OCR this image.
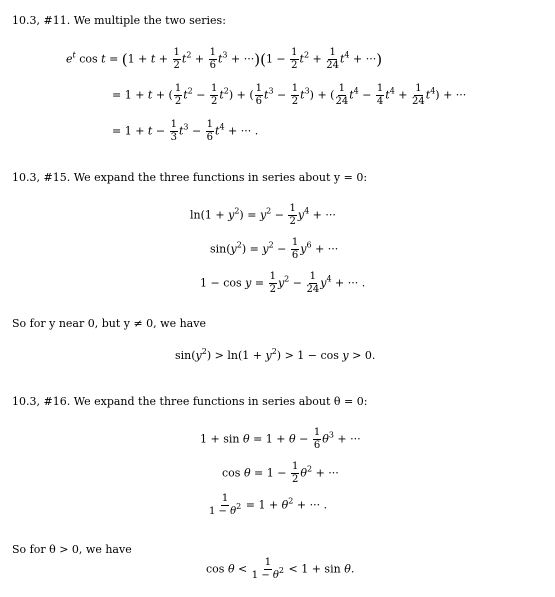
10.3, #11. We multiple the two series:
$e^t$ $\cos t = (1 + t + \frac{1}{2} t^2 + \frac{1}{6} t^3 + \cdot\cdot\cdot)(1 - \frac{1}{2} t^2 + \frac{1}{24} t^4$ + ···)
= 1 + t + ( $\frac{1}{2} t^2 - \frac{1}{2} t^2$) + ( $\frac{1}{6} t^3 - \frac{1}{2} t^3$) + ( $\frac{1}{24} t^4 - \frac{1}{4} t^4 + \frac{1}{24} t^4$) + ···
= $1 + t - \frac{1}{3} t^3 - \frac{1}{6} t^4$ + ··· .
10.3, #15. We expand the three functions in series about y = 0:
$\ln(1 + y^2) = y^2 - \frac{1}{2} y^4$ + ···
$\sin(y^2) = y^2 - \frac{1}{6} y^6$ + ···
$1 - \cos y = \frac{1}{2} y^2 - \frac{1}{24} y^4$ + ··· .
So for y near 0, but y ≠ 0, we have
$\sin(y^2) > \ln(1 + y^2) > 1 - \cos y > 0$.
10.3, #16. We expand the three functions in series about θ = 0:
$1 + \sin \theta = 1 + \theta - \frac{1}{6} \theta^3$ + ···
$\cos \theta = 1 - \frac{1}{2} \theta^2$ + ···
$\frac{1}{1 - \theta^2} = 1 + \theta^2$ + ··· .
So for θ > 0, we have
$\cos \theta < \frac{1}{1 - \theta^2} < 1 + \sin \theta$.
